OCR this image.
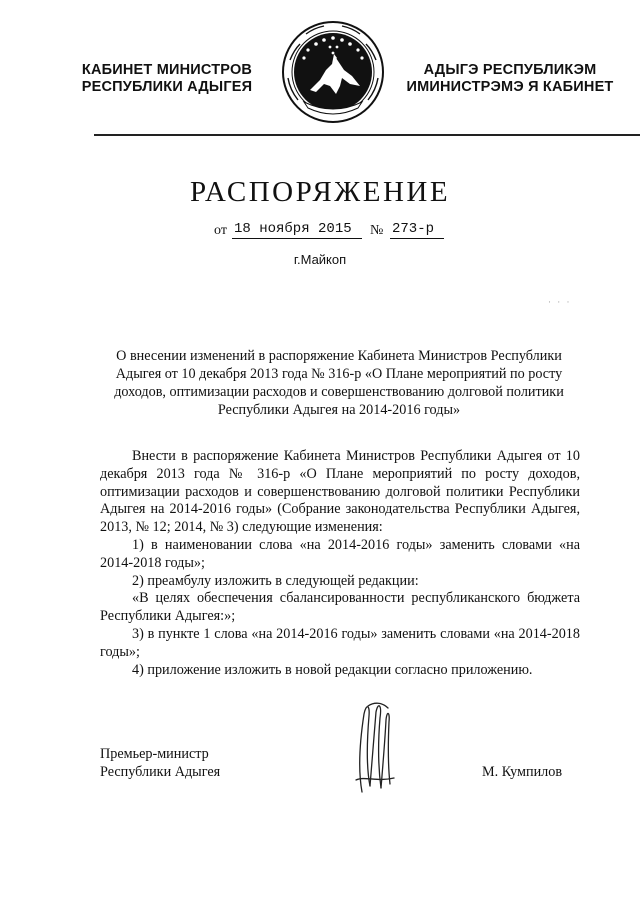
КАБИНЕТ МИНИСТРОВ
РЕСПУБЛИКИ АДЫГЕЯ
АДЫГЭ РЕСПУБЛИКЭМ
ИМИНИСТРЭМЭ Я КАБИНЕТ
РАСПОРЯЖЕНИЕ
от 18 ноября 2015	№ 273-р
г.Майкоп
· · ·
О внесении изменений в распоряжение Кабинета Министров Республики Адыгея от 10 декабря 2013 года № 316-р «О Плане мероприятий по росту доходов, оптимизации расходов и совершенствованию долговой политики Республики Адыгея на 2014-2016 годы»

Внести в распоряжение Кабинета Министров Республики Адыгея от 10 декабря 2013 года № 316-р «О Плане мероприятий по росту доходов, оптимизации расходов и совершенствованию долговой политики Республики Адыгея на 2014-2016 годы» (Собрание законодательства Республики Адыгея, 2013, № 12; 2014, № 3) следующие изменения:

1) в наименовании слова «на 2014-2016 годы» заменить словами «на 2014-2018 годы»;

2) преамбулу изложить в следующей редакции:

«В целях обеспечения сбалансированности республиканского бюджета Республики Адыгея:»;

3) в пункте 1 слова «на 2014-2016 годы» заменить словами «на 2014-2018 годы»;

4) приложение изложить в новой редакции согласно приложению.

Премьер-министр
Республики Адыгея	М. Кумпилов
